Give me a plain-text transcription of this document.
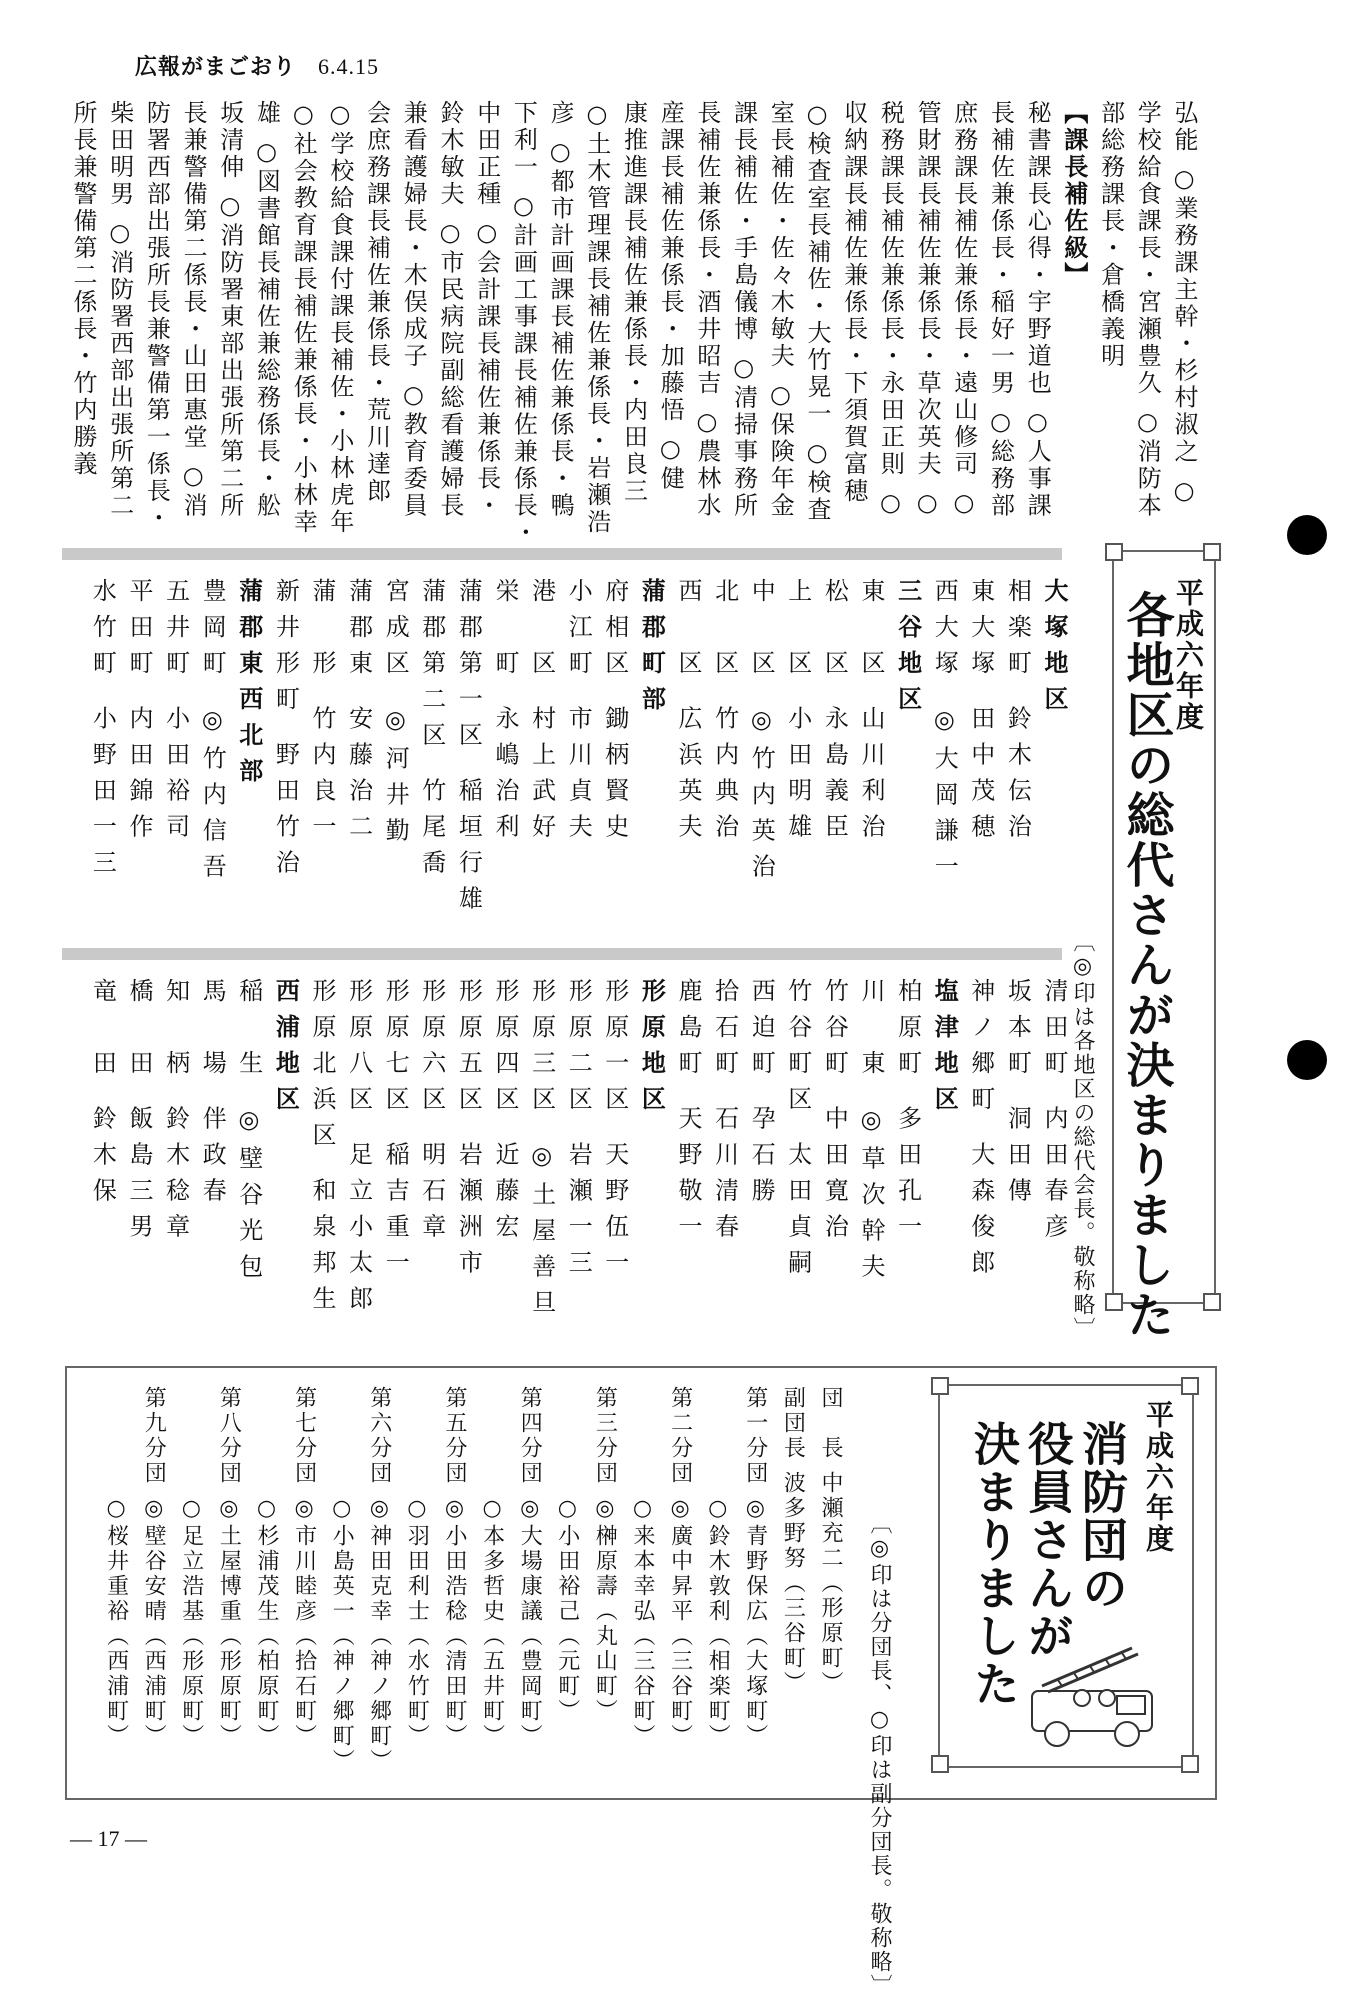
広報がまごおり 6.4.15
弘能 ○業務課主幹・杉村淑之 ○
学校給食課長・宮瀬豊久 ○消防本
部総務課長・倉橋義明
【課長補佐級】
秘書課長心得・宇野道也 ○人事課
長補佐兼係長・稲好一男 ○総務部
庶務課長補佐兼係長・遠山修司 ○
管財課長補佐兼係長・草次英夫 ○
税務課長補佐兼係長・永田正則 ○
収納課長補佐兼係長・下須賀富穂
○検査室長補佐・大竹晃一 ○検査
室長補佐・佐々木敏夫 ○保険年金
課長補佐・手島儀博 ○清掃事務所
長補佐兼係長・酒井昭吉 ○農林水
産課長補佐兼係長・加藤悟 ○健
康推進課長補佐兼係長・内田良三
○土木管理課長補佐兼係長・岩瀬浩
彦 ○都市計画課長補佐兼係長・鴨
下利一 ○計画工事課長補佐兼係長・
中田正種 ○会計課長補佐兼係長・
鈴木敏夫 ○市民病院副総看護婦長
兼看護婦長・木俣成子 ○教育委員
会庶務課長補佐兼係長・荒川達郎
○学校給食課付課長補佐・小林虎年
○社会教育課長補佐兼係長・小林幸
雄 ○図書館長補佐兼総務係長・舩
坂清伸 ○消防署東部出張所第二所
長兼警備第二係長・山田惠堂 ○消
防署西部出張所長兼警備第一係長・
柴田明男 ○消防署西部出張所第二
所長兼警備第二係長・竹内勝義
平成六年度
各地区の総代さんが決まりました
〔◎印は各地区の総代会長。敬称略〕
大塚地区
相楽町 鈴木伝治
東大塚 田中茂穂
西大塚 ◎大岡謙一
三谷地区
東　区 山川利治
松　区 永島義臣
上　区 小田明雄
中　区 ◎竹内英治
北　区 竹内典治
西　区 広浜英夫
蒲郡町部
府相区 鋤柄賢史
小江町 市川貞夫
港　区 村上武好
栄　町 永嶋治利
蒲郡第一区 稲垣行雄
蒲郡第二区 竹尾喬
宮成区 ◎河井勤
蒲郡東 安藤治二
蒲　形 竹内良一
新井形町 野田竹治
蒲郡東西北部
豊岡町 ◎竹内信吾
五井町 小田裕司
平田町 内田錦作
水竹町 小野田一三
清田町 内田春彦
坂本町 洞田傳
神ノ郷町 大森俊郎
塩津地区
柏原町 多田孔一
川　東 ◎草次幹夫
竹谷町 中田寛治
竹谷町区 太田貞嗣
西迫町 孕石勝
拾石町 石川清春
鹿島町 天野敬一
形原地区
形原一区 天野伍一
形原二区 岩瀬一三
形原三区 ◎土屋善旦
形原四区 近藤宏
形原五区 岩瀬洲市
形原六区 明石章
形原七区 稲吉重一
形原八区 足立小太郎
形原北浜区 和泉邦生
西浦地区
稲　生 ◎壁谷光包
馬　場 伴政春
知　柄 鈴木稔章
橋　田 飯島三男
竜　田 鈴木保
平成六年度
消防団の
役員さんが
決まりました
〔◎印は分団長、○印は副分団長。敬称略〕
団　長 中瀬充二（形原町）
副団長 波多野努（三谷町）
第一分団 ◎青野保広（大塚町）
　　　　 ○鈴木敦利（相楽町）
第二分団 ◎廣中昇平（三谷町）
　　　　 ○来本幸弘（三谷町）
第三分団 ◎榊原壽（丸山町）
　　　　 ○小田裕己（元町）
第四分団 ◎大場康議（豊岡町）
　　　　 ○本多哲史（五井町）
第五分団 ◎小田浩稔（清田町）
　　　　 ○羽田利士（水竹町）
第六分団 ◎神田克幸（神ノ郷町）
　　　　 ○小島英一（神ノ郷町）
第七分団 ◎市川睦彦（拾石町）
　　　　 ○杉浦茂生（柏原町）
第八分団 ◎土屋博重（形原町）
　　　　 ○足立浩基（形原町）
第九分団 ◎壁谷安晴（西浦町）
　　　　 ○桜井重裕（西浦町）
— 17 —
